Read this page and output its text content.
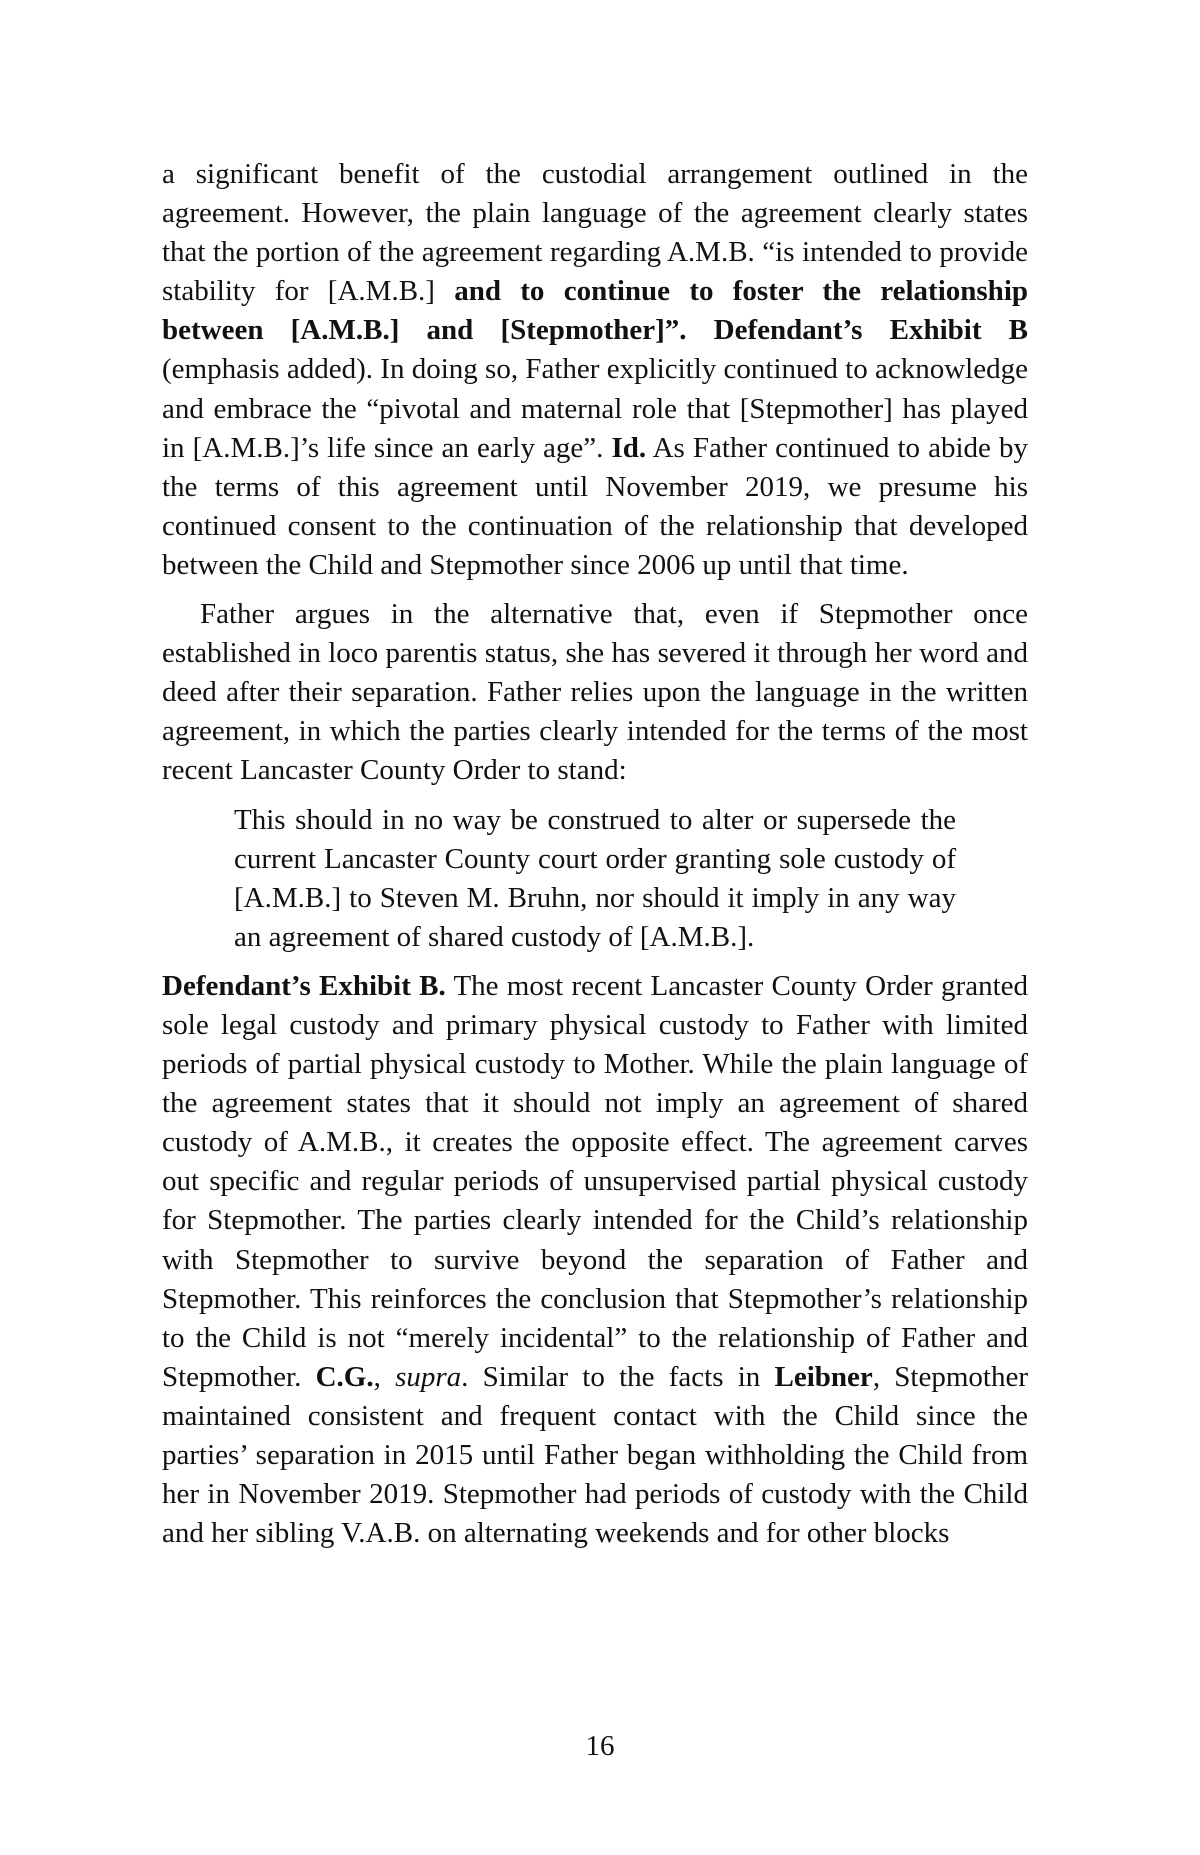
a significant benefit of the custodial arrangement outlined in the agreement. However, the plain language of the agreement clearly states that the portion of the agreement regarding A.M.B. “is intended to provide stability for [A.M.B.] and to continue to foster the relationship between [A.M.B.] and [Stepmother]”. Defendant’s Exhibit B (emphasis added). In doing so, Father explicitly continued to acknowledge and embrace the “pivotal and maternal role that [Stepmother] has played in [A.M.B.]’s life since an early age”. Id. As Father continued to abide by the terms of this agreement until November 2019, we presume his continued consent to the continuation of the relationship that developed between the Child and Stepmother since 2006 up until that time.

Father argues in the alternative that, even if Stepmother once established in loco parentis status, she has severed it through her word and deed after their separation. Father relies upon the language in the written agreement, in which the parties clearly intended for the terms of the most recent Lancaster County Order to stand:

This should in no way be construed to alter or supersede the current Lancaster County court order granting sole custody of [A.M.B.] to Steven M. Bruhn, nor should it imply in any way an agreement of shared custody of [A.M.B.].

Defendant’s Exhibit B. The most recent Lancaster County Order granted sole legal custody and primary physical custody to Father with limited periods of partial physical custody to Mother. While the plain language of the agreement states that it should not imply an agreement of shared custody of A.M.B., it creates the opposite effect. The agreement carves out specific and regular periods of unsupervised partial physical custody for Stepmother. The parties clearly intended for the Child’s relationship with Stepmother to survive beyond the separation of Father and Stepmother. This reinforces the conclusion that Stepmother’s relationship to the Child is not “merely incidental” to the relationship of Father and Stepmother. C.G., supra. Similar to the facts in Leibner, Stepmother maintained consistent and frequent contact with the Child since the parties’ separation in 2015 until Father began withholding the Child from her in November 2019. Stepmother had periods of custody with the Child and her sibling V.A.B. on alternating weekends and for other blocks

16
